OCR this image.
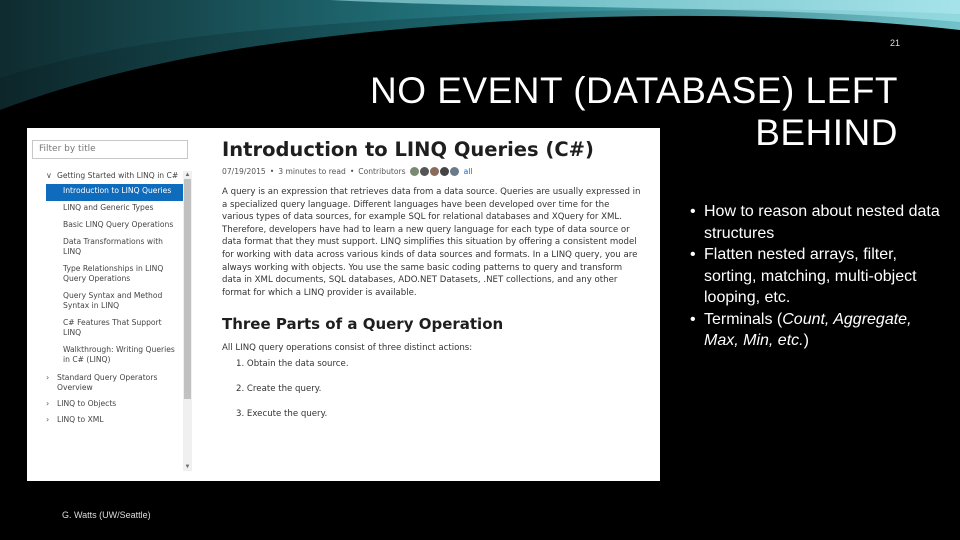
21
NO EVENT (DATABASE) LEFT
BEHIND
• How to reason about nested data structures
• Flatten nested arrays, filter, sorting, matching, multi-object looping, etc.
• Terminals (Count, Aggregate, Max, Min, etc.)
Filter by title
∨ Getting Started with LINQ in C#
Introduction to LINQ Queries
LINQ and Generic Types
Basic LINQ Query Operations
Data Transformations with LINQ
Type Relationships in LINQ Query Operations
Query Syntax and Method Syntax in LINQ
C# Features That Support LINQ
Walkthrough: Writing Queries in C# (LINQ)
› Standard Query Operators Overview
› LINQ to Objects
› LINQ to XML
▲
▼
Introduction to LINQ Queries (C#)
07/19/2015 • 3 minutes to read • Contributors	all
A query is an expression that retrieves data from a data source. Queries are usually expressed in a specialized query language. Different languages have been developed over time for the various types of data sources, for example SQL for relational databases and XQuery for XML. Therefore, developers have had to learn a new query language for each type of data source or data format that they must support. LINQ simplifies this situation by offering a consistent model for working with data across various kinds of data sources and formats. In a LINQ query, you are always working with objects. You use the same basic coding patterns to query and transform data in XML documents, SQL databases, ADO.NET Datasets, .NET collections, and any other format for which a LINQ provider is available.
Three Parts of a Query Operation
All LINQ query operations consist of three distinct actions:
1. Obtain the data source.
2. Create the query.
3. Execute the query.
G. Watts (UW/Seattle)
